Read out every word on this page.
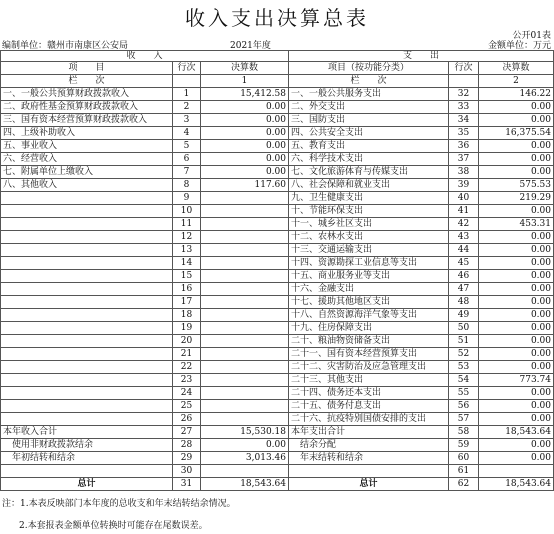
收入支出决算总表
公开01表
编制单位：赣州市南康区公安局	2021年度	金额单位：万元
收　　入			支　　出		
项　　目	行次	决算数	项目（按功能分类）	行次	决算数
栏　　次		1	栏　　次		2
一、一般公共预算财政拨款收入	1	15,412.58	一、一般公共服务支出	32	146.22
二、政府性基金预算财政拨款收入	2	0.00	二、外交支出	33	0.00
三、国有资本经营预算财政拨款收入	3	0.00	三、国防支出	34	0.00
四、上级补助收入	4	0.00	四、公共安全支出	35	16,375.54
五、事业收入	5	0.00	五、教育支出	36	0.00
六、经营收入	6	0.00	六、科学技术支出	37	0.00
七、附属单位上缴收入	7	0.00	七、文化旅游体育与传媒支出	38	0.00
八、其他收入	8	117.60	八、社会保障和就业支出	39	575.53
	9		九、卫生健康支出	40	219.29
	10		十、节能环保支出	41	0.00
	11		十一、城乡社区支出	42	453.31
	12		十二、农林水支出	43	0.00
	13		十三、交通运输支出	44	0.00
	14		十四、资源勘探工业信息等支出	45	0.00
	15		十五、商业服务业等支出	46	0.00
	16		十六、金融支出	47	0.00
	17		十七、援助其他地区支出	48	0.00
	18		十八、自然资源海洋气象等支出	49	0.00
	19		十九、住房保障支出	50	0.00
	20		二十、粮油物资储备支出	51	0.00
	21		二十一、国有资本经营预算支出	52	0.00
	22		二十二、灾害防治及应急管理支出	53	0.00
	23		二十三、其他支出	54	773.74
	24		二十四、债务还本支出	55	0.00
	25		二十五、债务付息支出	56	0.00
	26		二十六、抗疫特别国债安排的支出	57	0.00
本年收入合计	27	15,530.18	本年支出合计	58	18,543.64
　使用非财政拨款结余	28	0.00	　结余分配	59	0.00
　年初结转和结余	29	3,013.46	　年末结转和结余	60	0.00
	30			61	
总计	31	18,543.64	总计	62	18,543.64
注：1.本表反映部门本年度的总收支和年末结转结余情况。
2.本套报表金额单位转换时可能存在尾数误差。
